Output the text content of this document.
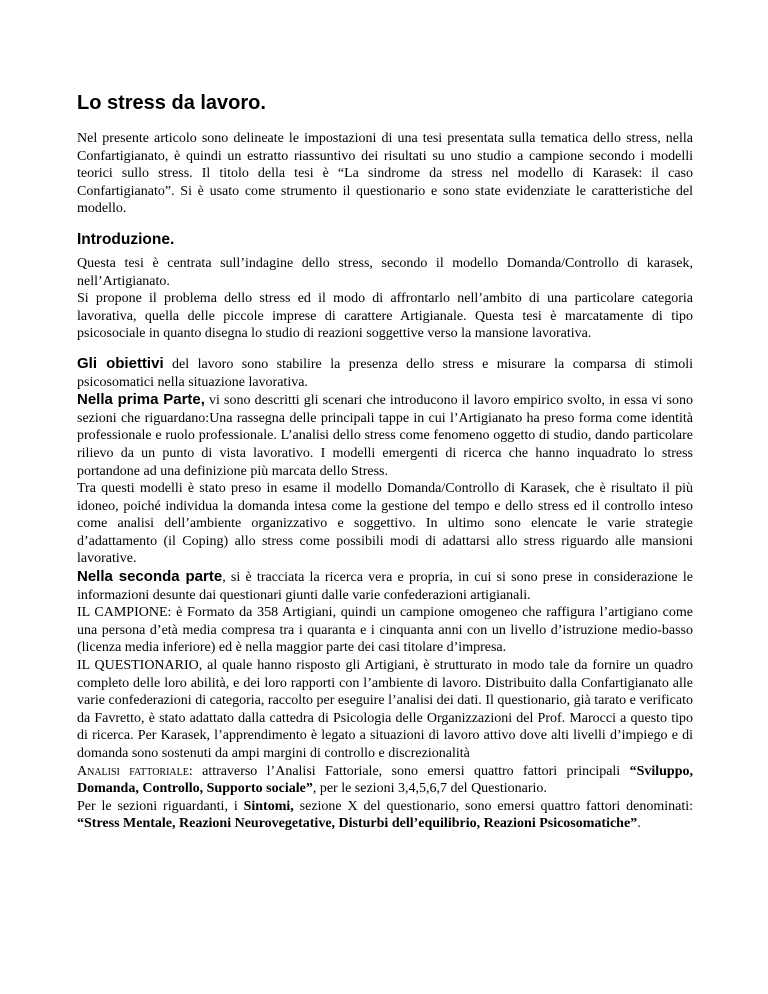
Lo stress da lavoro.

Nel presente articolo sono delineate le impostazioni di una tesi presentata sulla tematica dello stress, nella Confartigianato, è quindi un estratto riassuntivo dei risultati su uno studio a campione secondo i modelli teorici sullo stress. Il titolo della tesi è “La sindrome da stress nel modello di Karasek: il caso Confartigianato”. Si è usato come strumento il questionario e sono state evidenziate le caratteristiche del modello.

Introduzione.

Questa tesi è centrata sull’indagine dello stress, secondo il modello Domanda/Controllo di karasek, nell’Artigianato.

Si propone il problema dello stress ed il modo di affrontarlo nell’ambito di una particolare categoria lavorativa, quella delle piccole imprese di carattere Artigianale. Questa tesi è marcatamente di tipo psicosociale in quanto disegna lo studio di reazioni soggettive verso la mansione lavorativa.

Gli obiettivi del lavoro sono stabilire la presenza dello stress e misurare la comparsa di stimoli psicosomatici nella situazione lavorativa.

Nella prima Parte, vi sono descritti gli scenari che introducono il lavoro empirico svolto, in essa vi sono sezioni che riguardano:Una rassegna delle principali tappe in cui l’Artigianato ha preso forma come identità professionale e ruolo professionale. L’analisi dello stress come fenomeno oggetto di studio, dando particolare rilievo da un punto di vista lavorativo. I modelli emergenti di ricerca che hanno inquadrato lo stress portandone ad una definizione più marcata dello Stress.

Tra questi modelli è stato preso in esame il modello Domanda/Controllo di Karasek, che è risultato il più idoneo, poiché individua la domanda intesa come la gestione del tempo e dello stress ed il controllo inteso come analisi dell’ambiente organizzativo e soggettivo. In ultimo sono elencate le varie strategie d’adattamento (il Coping) allo stress come possibili modi di adattarsi allo stress riguardo alle mansioni lavorative.

Nella seconda parte, si è tracciata la ricerca vera e propria, in cui si sono prese in considerazione le informazioni desunte dai questionari giunti dalle varie confederazioni artigianali.

IL CAMPIONE: è Formato da 358 Artigiani, quindi un campione omogeneo che raffigura l’artigiano come una persona d’età media compresa tra i quaranta e i cinquanta anni con un livello d’istruzione medio-basso (licenza media inferiore) ed è nella maggior parte dei casi titolare d’impresa.

IL QUESTIONARIO, al quale hanno risposto gli Artigiani, è strutturato in modo tale da fornire un quadro completo delle loro abilità, e dei loro rapporti con l’ambiente di lavoro. Distribuito dalla Confartigianato alle varie confederazioni di categoria, raccolto per eseguire l’analisi dei dati. Il questionario, già tarato e verificato da Favretto, è stato adattato dalla cattedra di Psicologia delle Organizzazioni del Prof. Marocci a questo tipo di ricerca. Per Karasek, l’apprendimento è legato a situazioni di lavoro attivo dove alti livelli d’impiego e di domanda sono sostenuti da ampi margini di controllo e discrezionalità

Analisi fattoriale: attraverso l’Analisi Fattoriale, sono emersi quattro fattori principali “Sviluppo, Domanda, Controllo, Supporto sociale”, per le sezioni 3,4,5,6,7 del Questionario.

Per le sezioni riguardanti, i Sintomi, sezione X del questionario, sono emersi quattro fattori denominati: “Stress Mentale, Reazioni Neurovegetative, Disturbi dell’equilibrio, Reazioni Psicosomatiche”.
